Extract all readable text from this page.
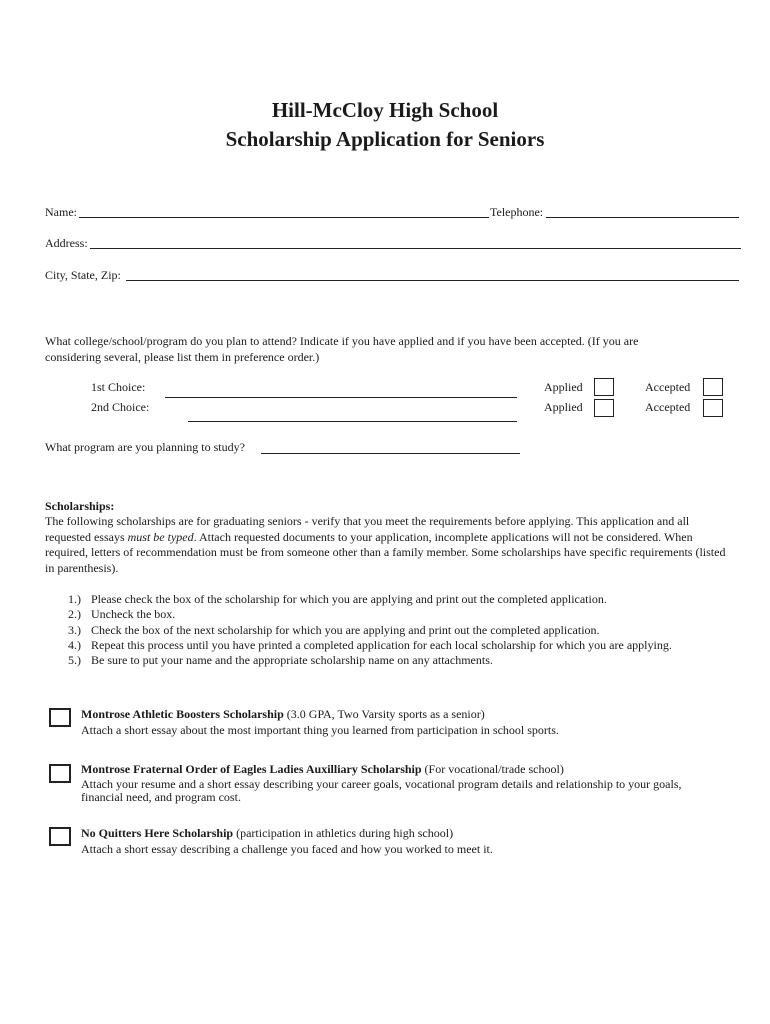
Hill-McCloy High School
Scholarship Application for Seniors
Name:	Telephone:
Address:
City, State, Zip:
What college/school/program do you plan to attend? Indicate if you have applied and if you have been accepted. (If you are considering several, please list them in preference order.)
1st Choice:	Applied	Accepted
2nd Choice:	Applied	Accepted
What program are you planning to study?
Scholarships:
The following scholarships are for graduating seniors - verify that you meet the requirements before applying. This application and all requested essays must be typed. Attach requested documents to your application, incomplete applications will not be considered. When required, letters of recommendation must be from someone other than a family member. Some scholarships have specific requirements (listed in parenthesis).
1.) Please check the box of the scholarship for which you are applying and print out the completed application.
2.) Uncheck the box.
3.) Check the box of the next scholarship for which you are applying and print out the completed application.
4.) Repeat this process until you have printed a completed application for each local scholarship for which you are applying.
5.) Be sure to put your name and the appropriate scholarship name on any attachments.
Montrose Athletic Boosters Scholarship (3.0 GPA, Two Varsity sports as a senior)
Attach a short essay about the most important thing you learned from participation in school sports.
Montrose Fraternal Order of Eagles Ladies Auxilliary Scholarship (For vocational/trade school)
Attach your resume and a short essay describing your career goals, vocational program details and relationship to your goals, financial need, and program cost.
No Quitters Here Scholarship (participation in athletics during high school)
Attach a short essay describing a challenge you faced and how you worked to meet it.
